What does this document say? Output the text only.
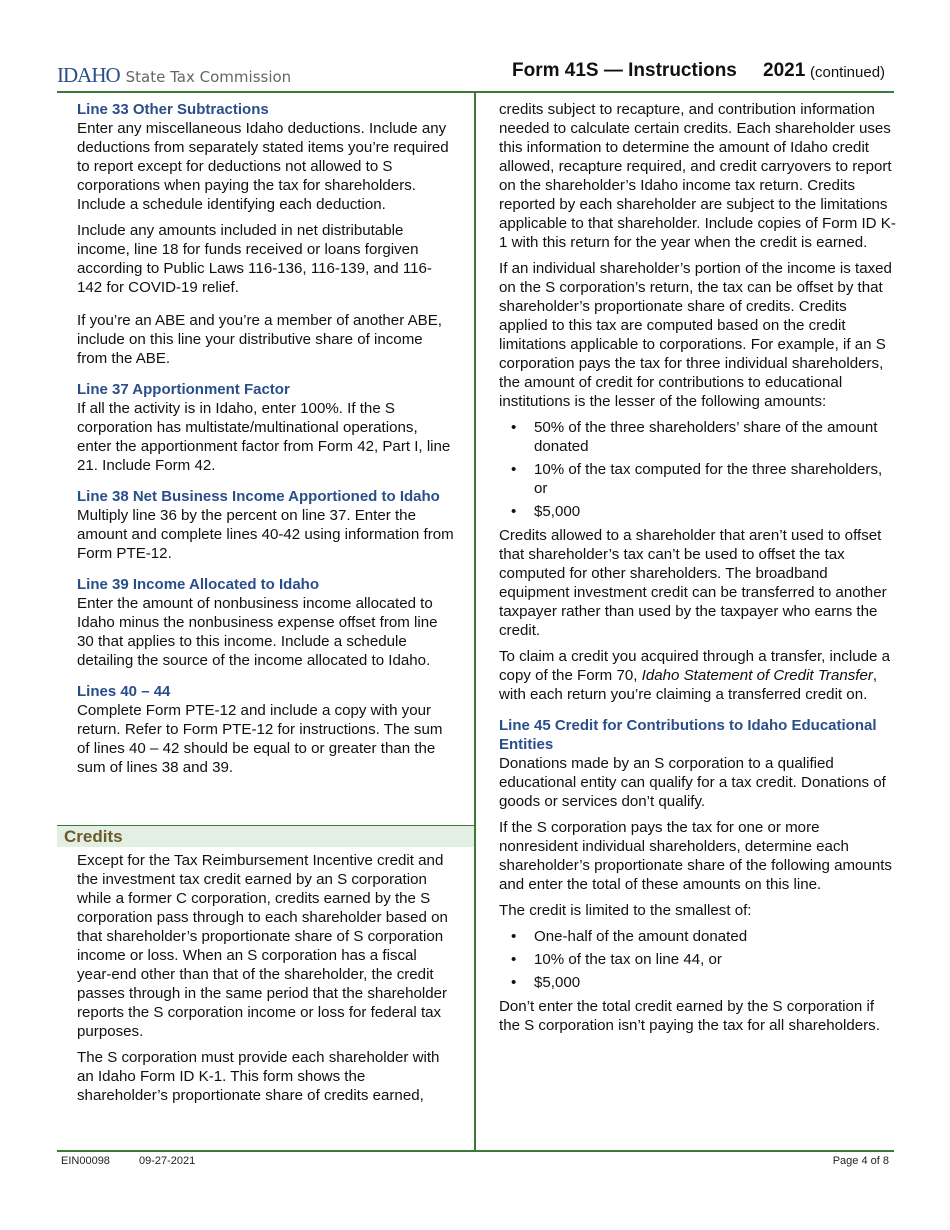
IDAHO State Tax Commission	Form 41S — Instructions 2021 (continued)
Line 33 Other Subtractions

Enter any miscellaneous Idaho deductions. Include any deductions from separately stated items you’re required to report except for deductions not allowed to S corporations when paying the tax for shareholders. Include a schedule identifying each deduction.

Include any amounts included in net distributable income, line 18 for funds received or loans forgiven according to Public Laws 116-136, 116-139, and 116-142 for COVID-19 relief.

If you’re an ABE and you’re a member of another ABE, include on this line your distributive share of income from the ABE.

Line 37 Apportionment Factor

If all the activity is in Idaho, enter 100%. If the S corporation has multistate/multinational operations, enter the apportionment factor from Form 42, Part I, line 21. Include Form 42.

Line 38 Net Business Income Apportioned to Idaho

Multiply line 36 by the percent on line 37. Enter the amount and complete lines 40-42 using information from Form PTE-12.

Line 39 Income Allocated to Idaho

Enter the amount of nonbusiness income allocated to Idaho minus the nonbusiness expense offset from line 30 that applies to this income. Include a schedule detailing the source of the income allocated to Idaho.

Lines 40 – 44

Complete Form PTE-12 and include a copy with your return. Refer to Form PTE-12 for instructions. The sum of lines 40 – 42 should be equal to or greater than the sum of lines 38 and 39.

Credits

Except for the Tax Reimbursement Incentive credit and the investment tax credit earned by an S corporation while a former C corporation, credits earned by the S corporation pass through to each shareholder based on that shareholder’s proportionate share of S corporation income or loss. When an S corporation has a fiscal year-end other than that of the shareholder, the credit passes through in the same period that the shareholder reports the S corporation income or loss for federal tax purposes.

The S corporation must provide each shareholder with an Idaho Form ID K-1. This form shows the shareholder’s proportionate share of credits earned,

credits subject to recapture, and contribution information needed to calculate certain credits. Each shareholder uses this information to determine the amount of Idaho credit allowed, recapture required, and credit carryovers to report on the shareholder’s Idaho income tax return. Credits reported by each shareholder are subject to the limitations applicable to that shareholder. Include copies of Form ID K-1 with this return for the year when the credit is earned.

If an individual shareholder’s portion of the income is taxed on the S corporation’s return, the tax can be offset by that shareholder’s proportionate share of credits. Credits applied to this tax are computed based on the credit limitations applicable to corporations. For example, if an S corporation pays the tax for three individual shareholders, the amount of credit for contributions to educational institutions is the lesser of the following amounts:

• 50% of the three shareholders’ share of the amount donated
• 10% of the tax computed for the three shareholders, or
• $5,000

Credits allowed to a shareholder that aren’t used to offset that shareholder’s tax can’t be used to offset the tax computed for other shareholders. The broadband equipment investment credit can be transferred to another taxpayer rather than used by the taxpayer who earns the credit.

To claim a credit you acquired through a transfer, include a copy of the Form 70, Idaho Statement of Credit Transfer, with each return you’re claiming a transferred credit on.

Line 45 Credit for Contributions to Idaho Educational Entities

Donations made by an S corporation to a qualified educational entity can qualify for a tax credit. Donations of goods or services don’t qualify.

If the S corporation pays the tax for one or more nonresident individual shareholders, determine each shareholder’s proportionate share of the following amounts and enter the total of these amounts on this line.

The credit is limited to the smallest of:

• One-half of the amount donated
• 10% of the tax on line 44, or
• $5,000

Don’t enter the total credit earned by the S corporation if the S corporation isn’t paying the tax for all shareholders.

EIN00098	09-27-2021	Page 4 of 8
